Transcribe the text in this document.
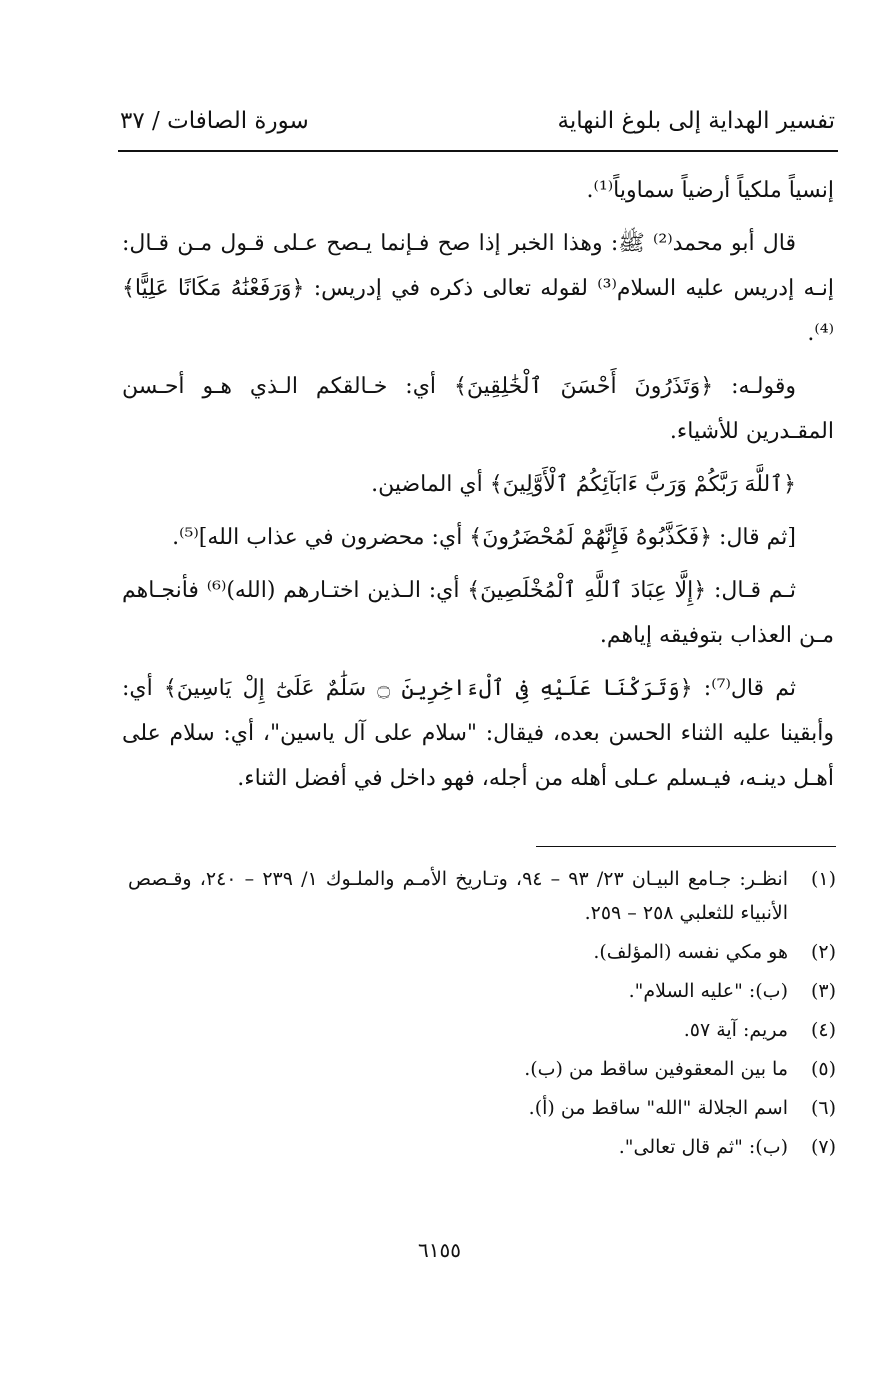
تفسير الهداية إلى بلوغ النهاية
سورة الصافات / ٣٧

إنسياً ملكياً أرضياً سماوياً⁽¹⁾.

قال أبو محمد⁽²⁾ ﷺ: وهذا الخبر إذا صح فـإنما يـصح عـلى قـول مـن قـال: إنـه إدريس عليه السلام⁽³⁾ لقوله تعالى ذكره في إدريس: ﴿وَرَفَعْنَٰهُ مَكَانًا عَلِيًّا﴾⁽⁴⁾.

وقولـه: ﴿وَتَذَرُونَ أَحْسَنَ ٱلْخَٰلِقِينَ﴾ أي: خـالقكم الـذي هـو أحـسن المقـدرين للأشياء.

﴿ٱللَّهَ رَبَّكُمْ وَرَبَّ ءَابَآئِكُمُ ٱلْأَوَّلِينَ﴾ أي الماضين.

[ثم قال: ﴿فَكَذَّبُوهُ فَإِنَّهُمْ لَمُحْضَرُونَ﴾ أي: محضرون في عذاب الله]⁽⁵⁾.

ثـم قـال: ﴿إِلَّا عِبَادَ ٱللَّهِ ٱلْمُخْلَصِينَ﴾ أي: الـذين اختـارهم (الله)⁽⁶⁾ فأنجـاهم مـن العذاب بتوفيقه إياهم.

ثم قال⁽⁷⁾: ﴿وَتَرَكْنَا عَلَيْهِ فِى ٱلْءَاخِرِينَ ۝ سَلَٰمٌ عَلَىٰٓ إِلْ يَاسِينَ﴾ أي: وأبقينا عليه الثناء الحسن بعده، فيقال: "سلام على آل ياسين"، أي: سلام على أهـل دينـه، فيـسلم عـلى أهله من أجله، فهو داخل في أفضل الثناء.

(١)
انظـر: جـامع البيـان ٢٣/ ٩٣ – ٩٤، وتـاريخ الأمـم والملـوك ١/ ٢٣٩ – ٢٤٠، وقـصص الأنبياء للثعلبي ٢٥٨ – ٢٥٩.
(٢)
هو مكي نفسه (المؤلف).
(٣)
(ب): "عليه السلام".
(٤)
مريم: آية ٥٧.
(٥)
ما بين المعقوفين ساقط من (ب).
(٦)
اسم الجلالة "الله" ساقط من (أ).
(٧)
(ب): "ثم قال تعالى".
٦١٥٥
